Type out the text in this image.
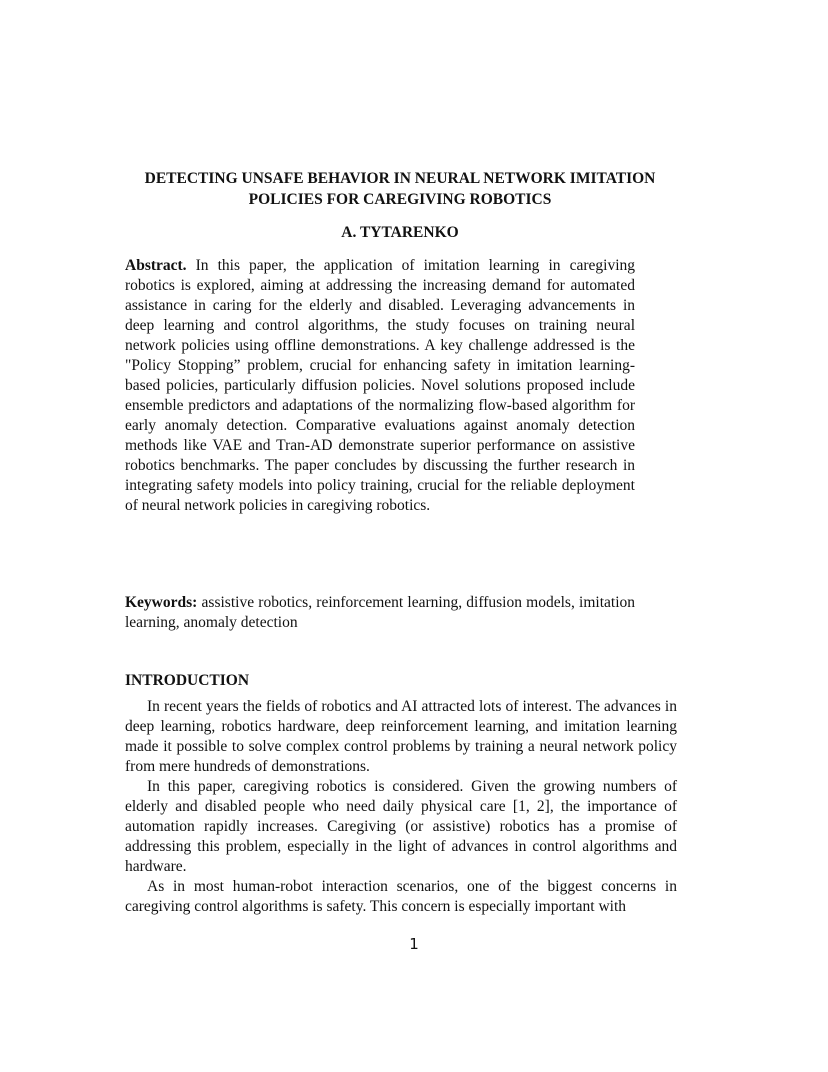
DETECTING UNSAFE BEHAVIOR IN NEURAL NETWORK IMITATION
POLICIES FOR CAREGIVING ROBOTICS

A. TYTARENKO

Abstract. In this paper, the application of imitation learning in caregiving robotics is explored, aiming at addressing the increasing demand for automated assistance in caring for the elderly and disabled. Leveraging advancements in deep learning and control algorithms, the study focuses on training neural network policies using offline demonstrations. A key challenge addressed is the "Policy Stopping” problem, crucial for enhancing safety in imitation learning-based policies, particularly diffusion policies. Novel solutions proposed include ensemble predictors and adaptations of the normalizing flow-based algorithm for early anomaly detection. Comparative evaluations against anomaly detection methods like VAE and Tran-AD demonstrate superior performance on assistive robotics benchmarks. The paper concludes by discussing the further research in integrating safety models into policy training, crucial for the reliable deployment of neural network policies in caregiving robotics.

Keywords: assistive robotics, reinforcement learning, diffusion models, imitation learning, anomaly detection

INTRODUCTION

In recent years the fields of robotics and AI attracted lots of interest. The advances in deep learning, robotics hardware, deep reinforcement learning, and imitation learning made it possible to solve complex control problems by training a neural network policy from mere hundreds of demonstrations.

In this paper, caregiving robotics is considered. Given the growing numbers of elderly and disabled people who need daily physical care [1, 2], the importance of automation rapidly increases. Caregiving (or assistive) robotics has a promise of addressing this problem, especially in the light of advances in control algorithms and hardware.

As in most human-robot interaction scenarios, one of the biggest concerns in caregiving control algorithms is safety. This concern is especially important with

1
